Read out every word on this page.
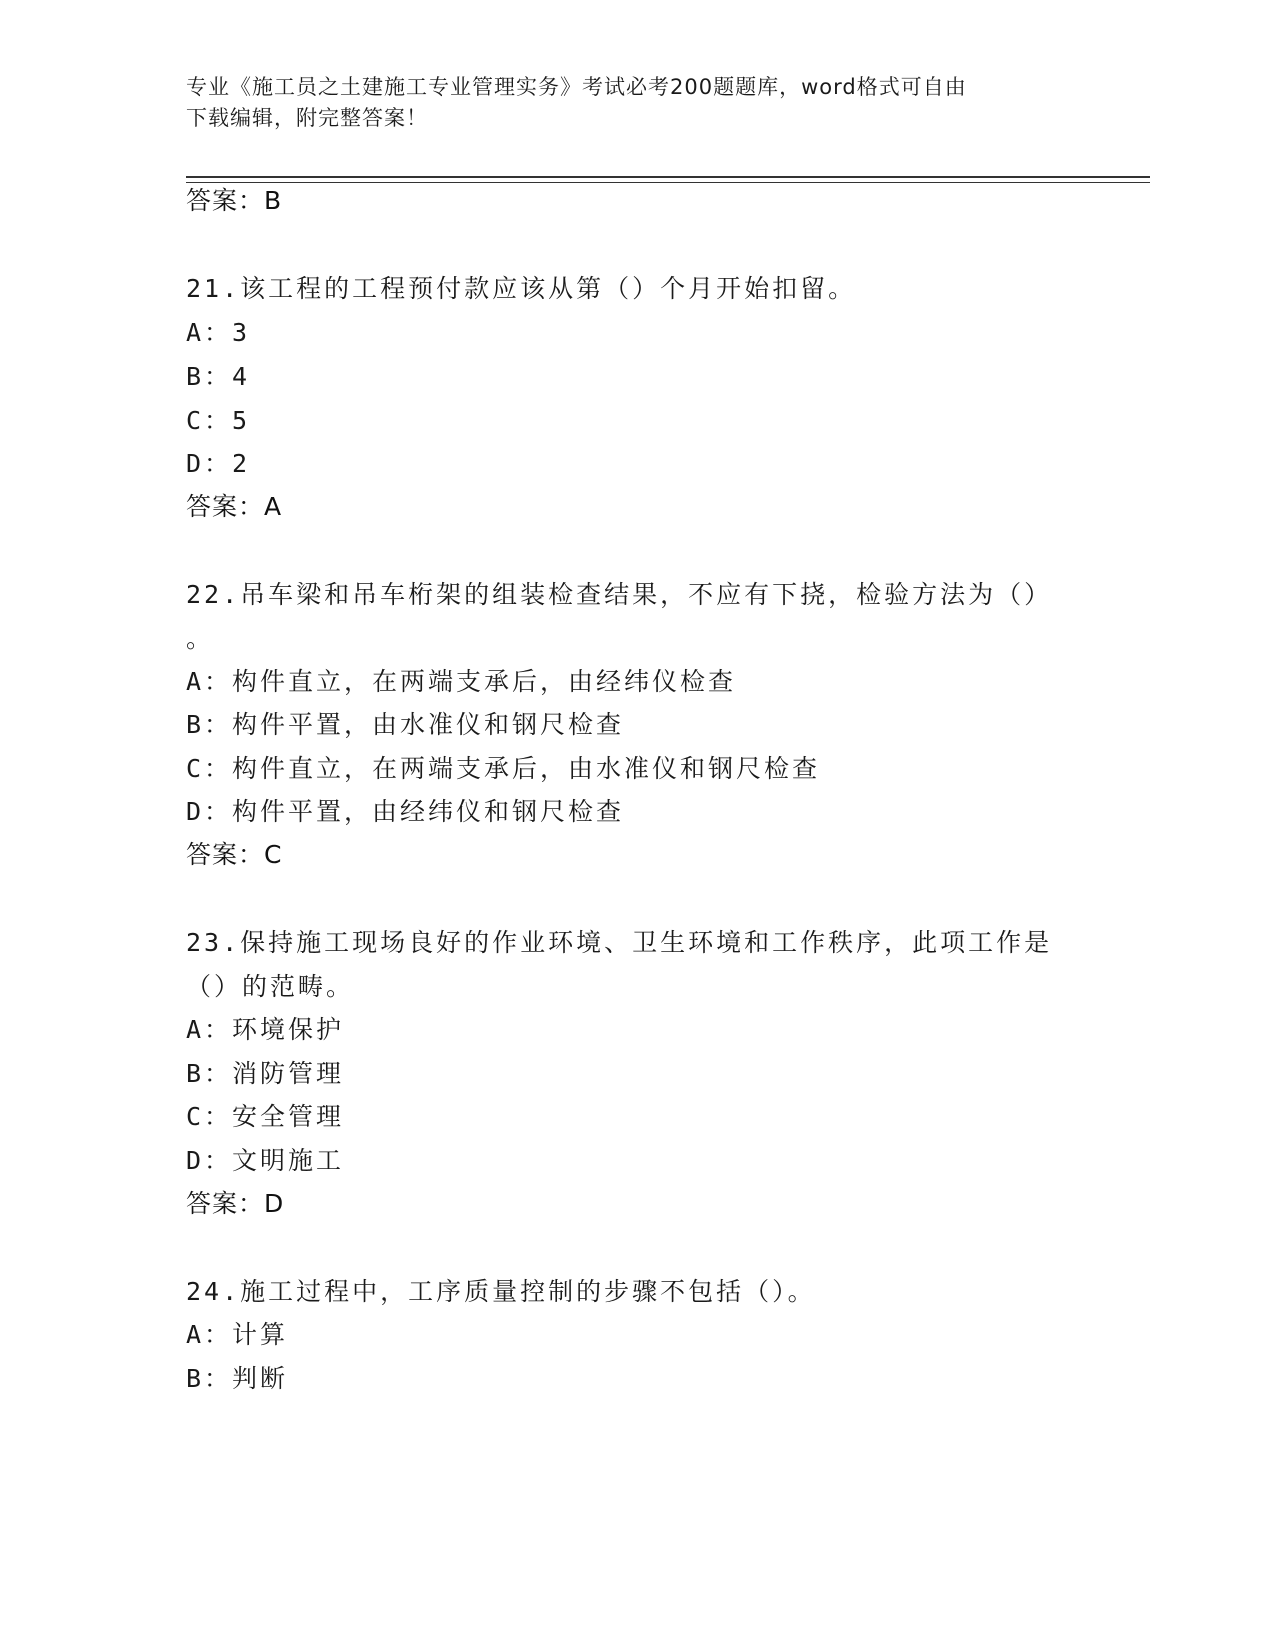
专业《施工员之土建施工专业管理实务》考试必考200题题库，word格式可自由
下载编辑，附完整答案！
答案：B
21.该工程的工程预付款应该从第（）个月开始扣留。
A：3
B：4
C：5
D：2
答案：A
22.吊车梁和吊车桁架的组装检查结果，不应有下挠，检验方法为（）
。
A：构件直立，在两端支承后，由经纬仪检查
B：构件平置，由水准仪和钢尺检查
C：构件直立，在两端支承后，由水准仪和钢尺检查
D：构件平置，由经纬仪和钢尺检查
答案：C
23.保持施工现场良好的作业环境、卫生环境和工作秩序，此项工作是
（）的范畴。
A：环境保护
B：消防管理
C：安全管理
D：文明施工
答案：D
24.施工过程中，工序质量控制的步骤不包括（）。
A：计算
B：判断
